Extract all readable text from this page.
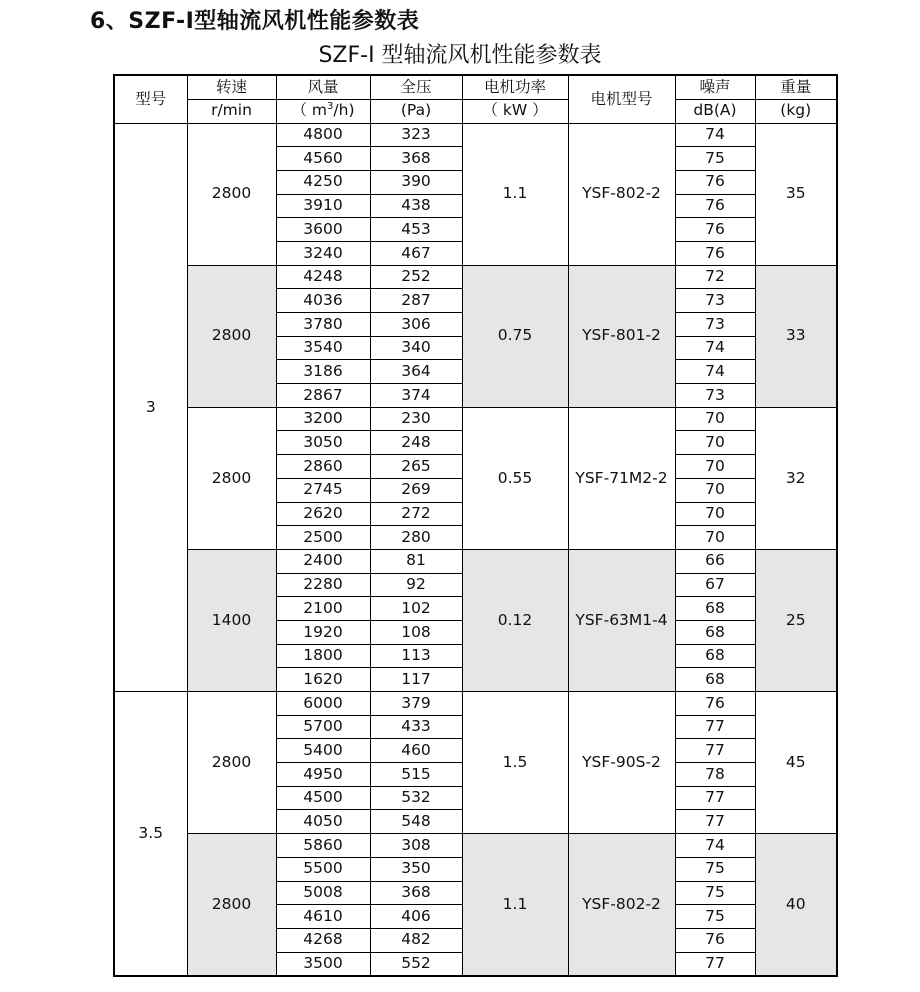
6、SZF-I型轴流风机性能参数表
SZF-I 型轴流风机性能参数表
型号	转速	风量	全压	电机功率	电机型号	噪声	重量
	r/min	（ $m^3/h$)	(Pa)	（ kW ）		dB(A)	(kg)
3	2800	4800	323	1.1	YSF-802-2	74	35
		4560	368			75	
		4250	390			76	
		3910	438			76	
		3600	453			76	
		3240	467			76	
	2800	4248	252	0.75	YSF-801-2	72	33
		4036	287			73	
		3780	306			73	
		3540	340			74	
		3186	364			74	
		2867	374			73	
	2800	3200	230	0.55	YSF-71M2-2	70	32
		3050	248			70	
		2860	265			70	
		2745	269			70	
		2620	272			70	
		2500	280			70	
	1400	2400	81	0.12	YSF-63M1-4	66	25
		2280	92			67	
		2100	102			68	
		1920	108			68	
		1800	113			68	
		1620	117			68	
3.5	2800	6000	379	1.5	YSF-90S-2	76	45
		5700	433			77	
		5400	460			77	
		4950	515			78	
		4500	532			77	
		4050	548			77	
	2800	5860	308	1.1	YSF-802-2	74	40
		5500	350			75	
		5008	368			75	
		4610	406			75	
		4268	482			76	
		3500	552			77	
